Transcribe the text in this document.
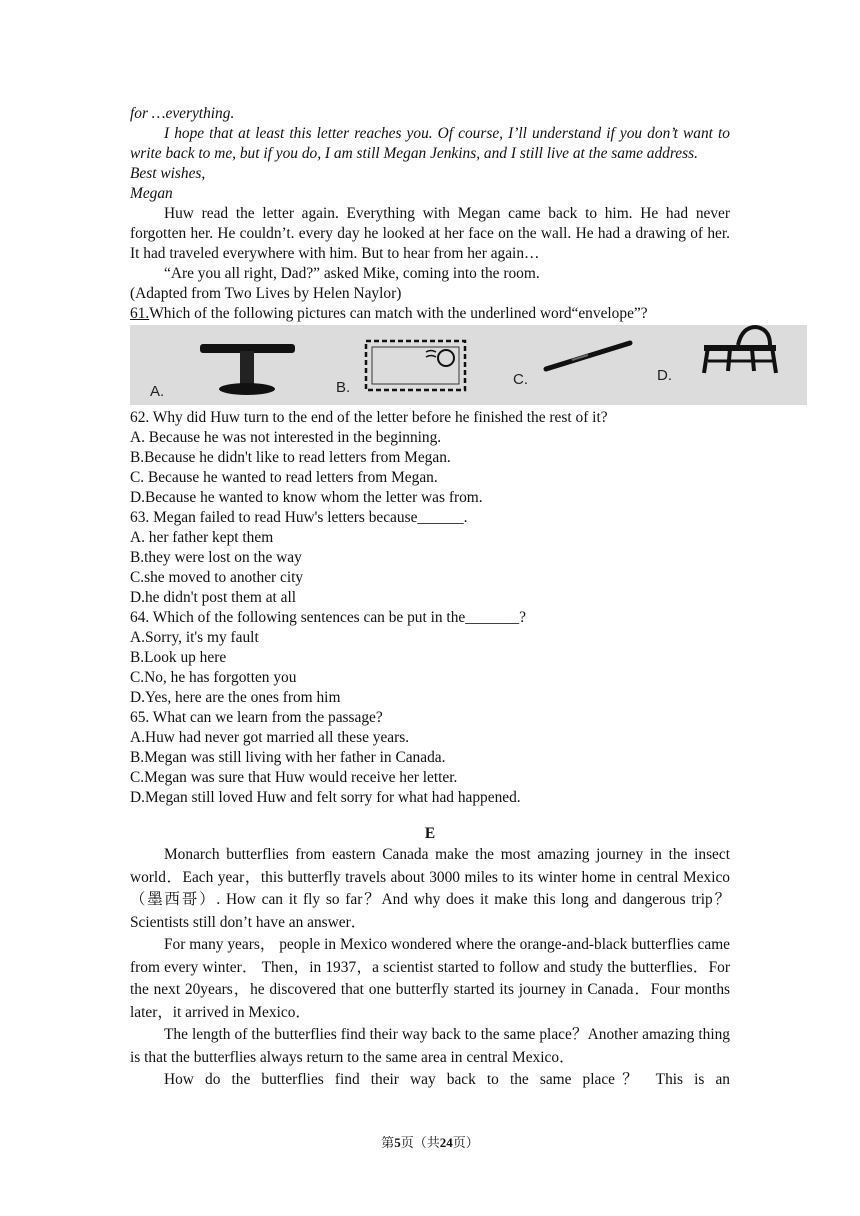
for …everything.
I hope that at least this letter reaches you. Of course, I’ll understand if you don’t want to write back to me, but if you do, I am still Megan Jenkins, and I still live at the same address.
Best wishes,
Megan
Huw read the letter again. Everything with Megan came back to him. He had never forgotten her. He couldn’t. every day he looked at her face on the wall. He had a drawing of her. It had traveled everywhere with him. But to hear from her again…
“Are you all right, Dad?” asked Mike, coming into the room.
(Adapted from Two Lives by Helen Naylor)
61.Which of the following pictures can match with the underlined word“envelope”?
A.	B.	C.	D.
62. Why did Huw turn to the end of the letter before he finished the rest of it?
A. Because he was not interested in the beginning.
B.Because he didn't like to read letters from Megan.
C. Because he wanted to read letters from Megan.
D.Because he wanted to know whom the letter was from.
63. Megan failed to read Huw's letters because______.
A. her father kept them
B.they were lost on the way
C.she moved to another city
D.he didn't post them at all
64. Which of the following sentences can be put in the_______?
A.Sorry, it's my fault
B.Look up here
C.No, he has forgotten you
D.Yes, here are the ones from him
65. What can we learn from the passage?
A.Huw had never got married all these years.
B.Megan was still living with her father in Canada.
C.Megan was sure that Huw would receive her letter.
D.Megan still loved Huw and felt sorry for what had happened.
E
Monarch butterflies from eastern Canada make the most amazing journey in the insect world．Each year，this butterfly travels about 3000 miles to its winter home in central Mexico（墨西哥）. How can it fly so far？And why does it make this long and dangerous trip？Scientists still don’t have an answer．
For many years， people in Mexico wondered where the orange-and-black butterflies came from every winter． Then，in 1937，a scientist started to follow and study the butterflies．For the next 20years，he discovered that one butterfly started its journey in Canada．Four months later，it arrived in Mexico．
The length of the butterflies find their way back to the same place？Another amazing thing is that the butterflies always return to the same area in central Mexico．
How do the butterflies find their way back to the same place？ This is an
第5页（共24页）
